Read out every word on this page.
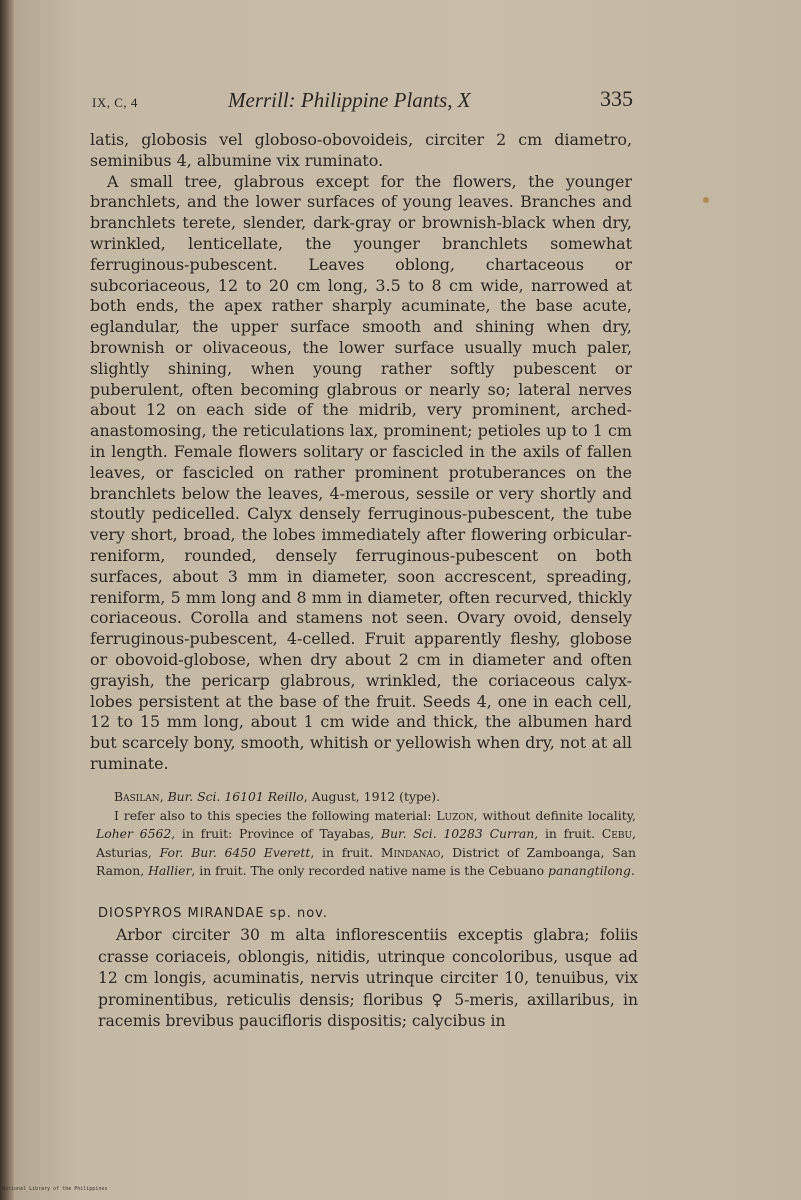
IX, C, 4	Merrill: Philippine Plants, X	335

latis, globosis vel globoso-obovoideis, circiter 2 cm diametro, seminibus 4, albumine vix ruminato.

A small tree, glabrous except for the flowers, the younger branchlets, and the lower surfaces of young leaves. Branches and branchlets terete, slender, dark-gray or brownish-black when dry, wrinkled, lenticellate, the younger branchlets somewhat ferruginous-pubescent. Leaves oblong, chartaceous or subcoriaceous, 12 to 20 cm long, 3.5 to 8 cm wide, narrowed at both ends, the apex rather sharply acuminate, the base acute, eglandular, the upper surface smooth and shining when dry, brownish or olivaceous, the lower surface usually much paler, slightly shining, when young rather softly pubescent or puberulent, often becoming glabrous or nearly so; lateral nerves about 12 on each side of the midrib, very prominent, arched-anastomosing, the reticulations lax, prominent; petioles up to 1 cm in length. Female flowers solitary or fascicled in the axils of fallen leaves, or fascicled on rather prominent protuberances on the branchlets below the leaves, 4-merous, sessile or very shortly and stoutly pedicelled. Calyx densely ferruginous-pubescent, the tube very short, broad, the lobes immediately after flowering orbicular-reniform, rounded, densely ferruginous-pubescent on both surfaces, about 3 mm in diameter, soon accrescent, spreading, reniform, 5 mm long and 8 mm in diameter, often recurved, thickly coriaceous. Corolla and stamens not seen. Ovary ovoid, densely ferruginous-pubescent, 4-celled. Fruit apparently fleshy, globose or obovoid-globose, when dry about 2 cm in diameter and often grayish, the pericarp glabrous, wrinkled, the coriaceous calyx-lobes persistent at the base of the fruit. Seeds 4, one in each cell, 12 to 15 mm long, about 1 cm wide and thick, the albumen hard but scarcely bony, smooth, whitish or yellowish when dry, not at all ruminate.

Basilan, Bur. Sci. 16101 Reillo, August, 1912 (type).

I refer also to this species the following material: Luzon, without definite locality, Loher 6562, in fruit: Province of Tayabas, Bur. Sci. 10283 Curran, in fruit. Cebu, Asturias, For. Bur. 6450 Everett, in fruit. Mindanao, District of Zamboanga, San Ramon, Hallier, in fruit. The only recorded native name is the Cebuano panangtilong.

DIOSPYROS MIRANDAE sp. nov.

Arbor circiter 30 m alta inflorescentiis exceptis glabra; foliis crasse coriaceis, oblongis, nitidis, utrinque concoloribus, usque ad 12 cm longis, acuminatis, nervis utrinque circiter 10, tenuibus, vix prominentibus, reticulis densis; floribus ♀ 5-meris, axillaribus, in racemis brevibus paucifloris dispositis; calycibus in

National Library of the Philippines
